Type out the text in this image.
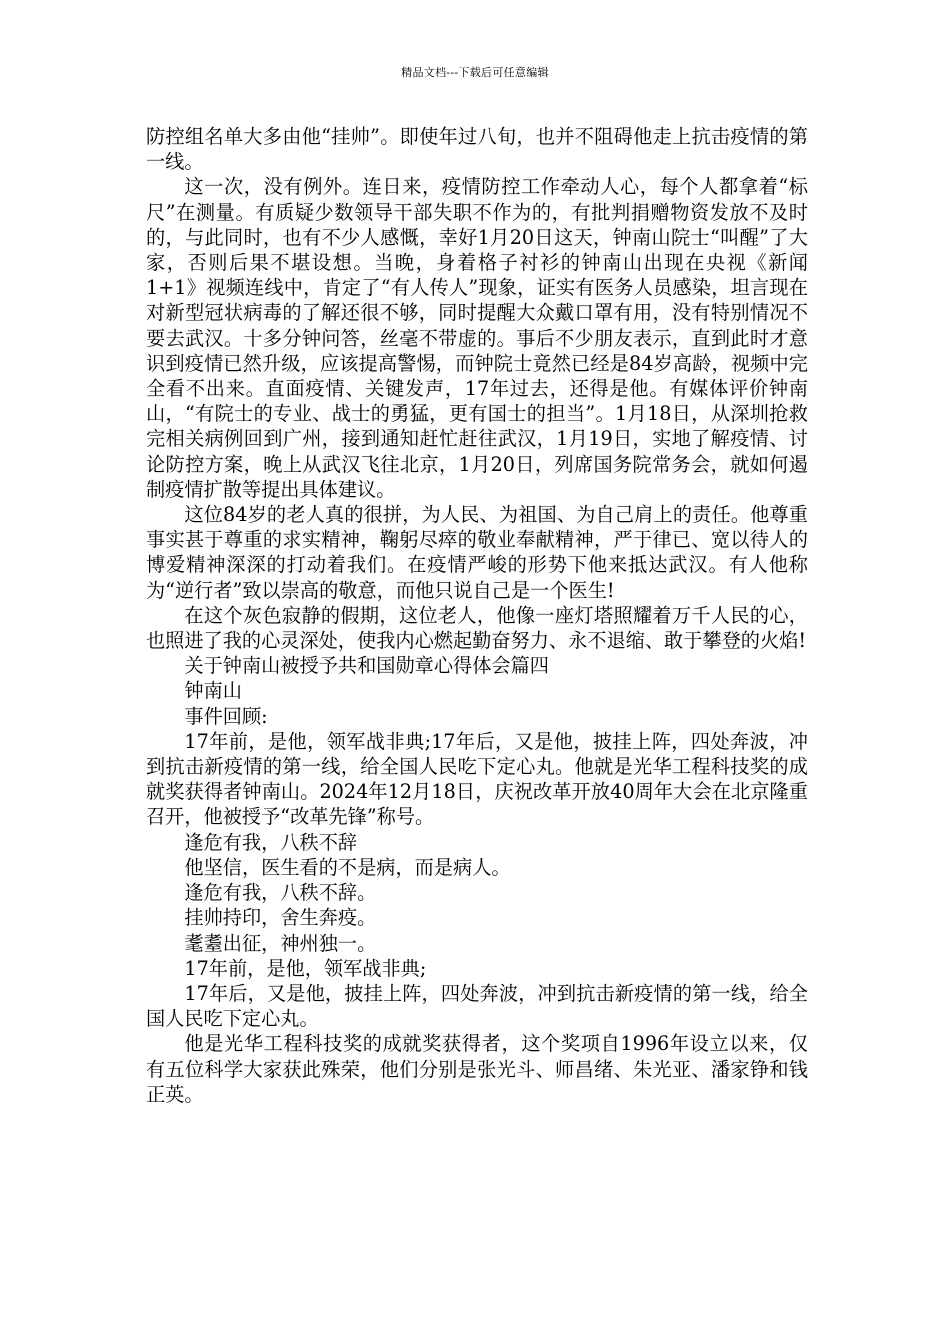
精品文档---下载后可任意编辑

防控组名单大多由他“挂帅”。即使年过八旬，也并不阻碍他走上抗击疫情的第一线。

这一次，没有例外。连日来，疫情防控工作牵动人心，每个人都拿着“标尺”在测量。有质疑少数领导干部失职不作为的，有批判捐赠物资发放不及时的，与此同时，也有不少人感慨，幸好1月20日这天，钟南山院士“叫醒”了大家，否则后果不堪设想。当晚，身着格子衬衫的钟南山出现在央视《新闻1+1》视频连线中，肯定了“有人传人”现象，证实有医务人员感染，坦言现在对新型冠状病毒的了解还很不够，同时提醒大众戴口罩有用，没有特别情况不要去武汉。十多分钟问答，丝毫不带虚的。事后不少朋友表示，直到此时才意识到疫情已然升级，应该提高警惕，而钟院士竟然已经是84岁高龄，视频中完全看不出来。直面疫情、关键发声，17年过去，还得是他。有媒体评价钟南山，“有院士的专业、战士的勇猛，更有国士的担当”。1月18日，从深圳抢救完相关病例回到广州，接到通知赶忙赶往武汉，1月19日，实地了解疫情、讨论防控方案，晚上从武汉飞往北京，1月20日，列席国务院常务会，就如何遏制疫情扩散等提出具体建议。

这位84岁的老人真的很拼，为人民、为祖国、为自己肩上的责任。他尊重事实甚于尊重的求实精神，鞠躬尽瘁的敬业奉献精神，严于律已、宽以待人的博爱精神深深的打动着我们。在疫情严峻的形势下他来抵达武汉。有人他称为“逆行者”致以崇高的敬意，而他只说自己是一个医生!

在这个灰色寂静的假期，这位老人，他像一座灯塔照耀着万千人民的心，也照进了我的心灵深处，使我内心燃起勤奋努力、永不退缩、敢于攀登的火焰!

关于钟南山被授予共和国勋章心得体会篇四

钟南山

事件回顾:

17年前，是他，领军战非典;17年后，又是他，披挂上阵，四处奔波，冲到抗击新疫情的第一线，给全国人民吃下定心丸。他就是光华工程科技奖的成就奖获得者钟南山。2024年12月18日，庆祝改革开放40周年大会在北京隆重召开，他被授予“改革先锋”称号。

逢危有我，八秩不辞

他坚信，医生看的不是病，而是病人。

逢危有我，八秩不辞。

挂帅持印，舍生奔疫。

耄耋出征，神州独一。

17年前，是他，领军战非典;

17年后，又是他，披挂上阵，四处奔波，冲到抗击新疫情的第一线，给全国人民吃下定心丸。

他是光华工程科技奖的成就奖获得者，这个奖项自1996年设立以来，仅有五位科学大家获此殊荣，他们分别是张光斗、师昌绪、朱光亚、潘家铮和钱正英。
